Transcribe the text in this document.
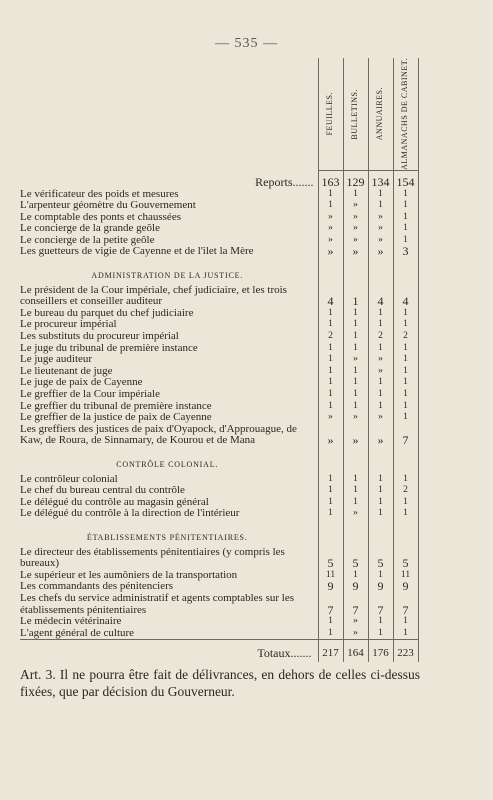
— 535 —

	FEUILLES.	BULLETINS.	ANNUAIRES.	ALMANACHS DE CABINET.

Reports.......	163	129	134	154
Le vérificateur des poids et mesures	1	1	1	1
L'arpenteur géomètre du Gouvernement	1	»	1	1
Le comptable des ponts et chaussées	»	»	»	1
Le concierge de la grande geôle	»	»	»	1
Le concierge de la petite geôle	»	»	»	1
Les guetteurs de vigie de Cayenne et de l'ilet la Mère	»	»	»	3
ADMINISTRATION DE LA JUSTICE.				
Le président de la Cour impériale, chef judiciaire, et les trois conseillers et conseiller auditeur	4	1	4	4
Le bureau du parquet du chef judiciaire	1	1	1	1
Le procureur impérial	1	1	1	1
Les substituts du procureur impérial	2	1	2	2
Le juge du tribunal de première instance	1	1	1	1
Le juge auditeur	1	»	»	1
Le lieutenant de juge	1	1	»	1
Le juge de paix de Cayenne	1	1	1	1
Le greffier de la Cour impériale	1	1	1	1
Le greffier du tribunal de première instance	1	1	1	1
Le greffier de la justice de paix de Cayenne	»	»	»	1
Les greffiers des justices de paix d'Oyapock, d'Approuague, de Kaw, de Roura, de Sinnamary, de Kourou et de Mana	»	»	»	7
CONTRÔLE COLONIAL.				
Le contrôleur colonial	1	1	1	1
Le chef du bureau central du contrôle	1	1	1	2
Le délégué du contrôle au magasin général	1	1	1	1
Le délégué du contrôle à la direction de l'intérieur	1	»	1	1
ÉTABLISSEMENTS PÉNITENTIAIRES.				
Le directeur des établissements pénitentiaires (y compris les bureaux)	5	5	5	5
Le supérieur et les aumôniers de la transportation	11	1	1	11
Les commandants des pénitenciers	9	9	9	9
Les chefs du service administratif et agents comptables sur les établissements pénitentiaires	7	7	7	7
Le médecin vétérinaire	1	»	1	1
L'agent général de culture	1	»	1	1
Totaux.......	217	164	176	223
Art. 3. Il ne pourra être fait de délivrances, en dehors de celles ci-dessus fixées, que par décision du Gouverneur.
